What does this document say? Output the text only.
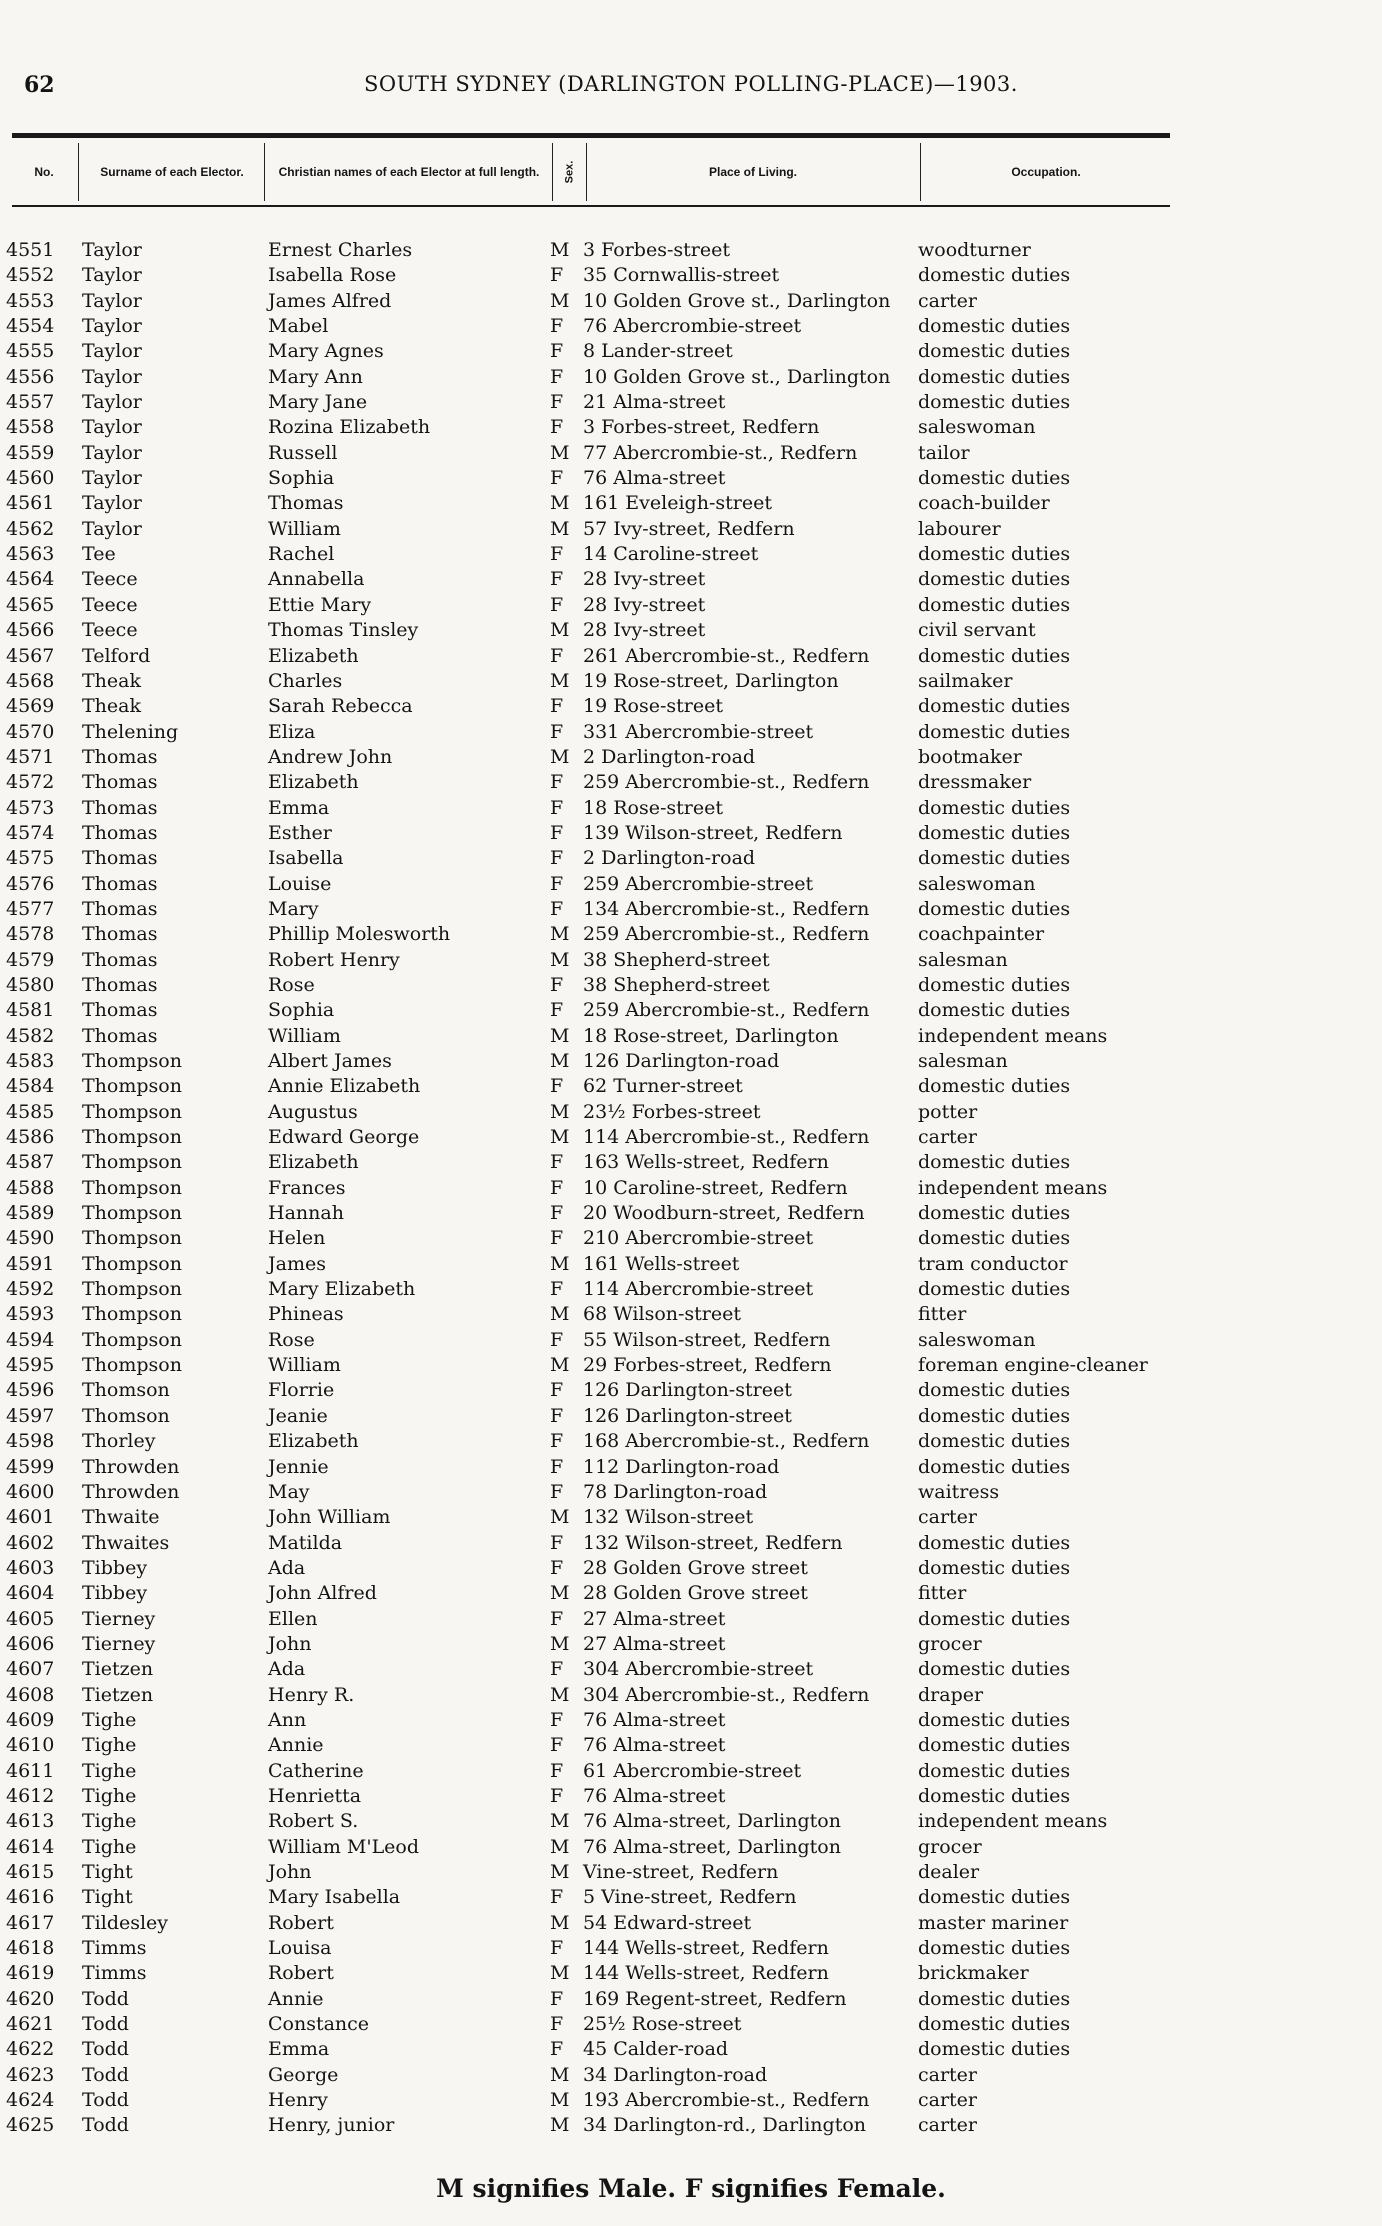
62	SOUTH SYDNEY (DARLINGTON POLLING-PLACE)—1903.
No.	Surname of each Elector.	Christian names of each Elector at full length.	Sex.	Place of Living.	Occupation.
4551 Taylor	Ernest Charles	M 3 Forbes-street	woodturner
4552 Taylor	Isabella Rose	F 35 Cornwallis-street	domestic duties
4553 Taylor	James Alfred	M 10 Golden Grove st., Darlington carter
4554 Taylor	Mabel	F 76 Abercrombie-street	domestic duties
4555 Taylor	Mary Agnes	F 8 Lander-street	domestic duties
4556 Taylor	Mary Ann	F 10 Golden Grove st., Darlington domestic duties
4557 Taylor	Mary Jane	F 21 Alma-street	domestic duties
4558 Taylor	Rozina Elizabeth	F 3 Forbes-street, Redfern	saleswoman
4559 Taylor	Russell	M 77 Abercrombie-st., Redfern	tailor
4560 Taylor	Sophia	F 76 Alma-street	domestic duties
4561 Taylor	Thomas	M 161 Eveleigh-street	coach-builder
4562 Taylor	William	M 57 Ivy-street, Redfern	labourer
4563 Tee	Rachel	F 14 Caroline-street	domestic duties
4564 Teece	Annabella	F 28 Ivy-street	domestic duties
4565 Teece	Ettie Mary	F 28 Ivy-street	domestic duties
4566 Teece	Thomas Tinsley	M 28 Ivy-street	civil servant
4567 Telford	Elizabeth	F 261 Abercrombie-st., Redfern	domestic duties
4568 Theak	Charles	M 19 Rose-street, Darlington	sailmaker
4569 Theak	Sarah Rebecca	F 19 Rose-street	domestic duties
4570 Thelening	Eliza	F 331 Abercrombie-street	domestic duties
4571 Thomas	Andrew John	M 2 Darlington-road	bootmaker
4572 Thomas	Elizabeth	F 259 Abercrombie-st., Redfern	dressmaker
4573 Thomas	Emma	F 18 Rose-street	domestic duties
4574 Thomas	Esther	F 139 Wilson-street, Redfern	domestic duties
4575 Thomas	Isabella	F 2 Darlington-road	domestic duties
4576 Thomas	Louise	F 259 Abercrombie-street	saleswoman
4577 Thomas	Mary	F 134 Abercrombie-st., Redfern	domestic duties
4578 Thomas	Phillip Molesworth	M 259 Abercrombie-st., Redfern	coachpainter
4579 Thomas	Robert Henry	M 38 Shepherd-street	salesman
4580 Thomas	Rose	F 38 Shepherd-street	domestic duties
4581 Thomas	Sophia	F 259 Abercrombie-st., Redfern	domestic duties
4582 Thomas	William	M 18 Rose-street, Darlington	independent means
4583 Thompson	Albert James	M 126 Darlington-road	salesman
4584 Thompson	Annie Elizabeth	F 62 Turner-street	domestic duties
4585 Thompson	Augustus	M 23½ Forbes-street	potter
4586 Thompson	Edward George	M 114 Abercrombie-st., Redfern	carter
4587 Thompson	Elizabeth	F 163 Wells-street, Redfern	domestic duties
4588 Thompson	Frances	F 10 Caroline-street, Redfern	independent means
4589 Thompson	Hannah	F 20 Woodburn-street, Redfern	domestic duties
4590 Thompson	Helen	F 210 Abercrombie-street	domestic duties
4591 Thompson	James	M 161 Wells-street	tram conductor
4592 Thompson	Mary Elizabeth	F 114 Abercrombie-street	domestic duties
4593 Thompson	Phineas	M 68 Wilson-street	fitter
4594 Thompson	Rose	F 55 Wilson-street, Redfern	saleswoman
4595 Thompson	William	M 29 Forbes-street, Redfern	foreman engine-cleaner
4596 Thomson	Florrie	F 126 Darlington-street	domestic duties
4597 Thomson	Jeanie	F 126 Darlington-street	domestic duties
4598 Thorley	Elizabeth	F 168 Abercrombie-st., Redfern	domestic duties
4599 Throwden	Jennie	F 112 Darlington-road	domestic duties
4600 Throwden	May	F 78 Darlington-road	waitress
4601 Thwaite	John William	M 132 Wilson-street	carter
4602 Thwaites	Matilda	F 132 Wilson-street, Redfern	domestic duties
4603 Tibbey	Ada	F 28 Golden Grove street	domestic duties
4604 Tibbey	John Alfred	M 28 Golden Grove street	fitter
4605 Tierney	Ellen	F 27 Alma-street	domestic duties
4606 Tierney	John	M 27 Alma-street	grocer
4607 Tietzen	Ada	F 304 Abercrombie-street	domestic duties
4608 Tietzen	Henry R.	M 304 Abercrombie-st., Redfern	draper
4609 Tighe	Ann	F 76 Alma-street	domestic duties
4610 Tighe	Annie	F 76 Alma-street	domestic duties
4611 Tighe	Catherine	F 61 Abercrombie-street	domestic duties
4612 Tighe	Henrietta	F 76 Alma-street	domestic duties
4613 Tighe	Robert S.	M 76 Alma-street, Darlington	independent means
4614 Tighe	William M'Leod	M 76 Alma-street, Darlington	grocer
4615 Tight	John	M Vine-street, Redfern	dealer
4616 Tight	Mary Isabella	F 5 Vine-street, Redfern	domestic duties
4617 Tildesley	Robert	M 54 Edward-street	master mariner
4618 Timms	Louisa	F 144 Wells-street, Redfern	domestic duties
4619 Timms	Robert	M 144 Wells-street, Redfern	brickmaker
4620 Todd	Annie	F 169 Regent-street, Redfern	domestic duties
4621 Todd	Constance	F 25½ Rose-street	domestic duties
4622 Todd	Emma	F 45 Calder-road	domestic duties
4623 Todd	George	M 34 Darlington-road	carter
4624 Todd	Henry	M 193 Abercrombie-st., Redfern	carter
4625 Todd	Henry, junior	M 34 Darlington-rd., Darlington	carter
M signifies Male. F signifies Female.
